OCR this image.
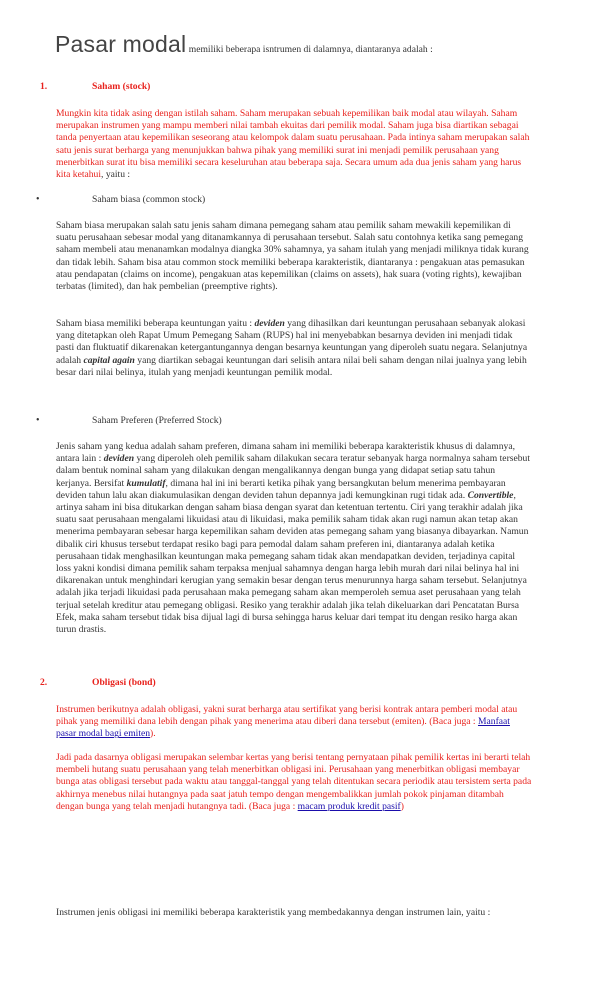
Pasar modal memiliki beberapa isntrumen di dalamnya, diantaranya adalah :
1.	Saham (stock)

Mungkin kita tidak asing dengan istilah saham. Saham merupakan sebuah kepemilikan baik modal atau wilayah. Saham merupakan instrumen yang mampu memberi nilai tambah ekuitas dari pemilik modal. Saham juga bisa diartikan sebagai tanda penyertaan atau kepemilikan seseorang atau kelompok dalam suatu perusahaan. Pada intinya saham merupakan salah satu jenis surat berharga yang menunjukkan bahwa pihak yang memiliki surat ini menjadi pemilik perusahaan yang menerbitkan surat itu bisa memiliki secara keseluruhan atau beberapa saja. Secara umum ada dua jenis saham yang harus kita ketahui, yaitu :

•	Saham biasa (common stock)

Saham biasa merupakan salah satu jenis saham dimana pemegang saham atau pemilik saham mewakili kepemilikan di suatu perusahaan sebesar modal yang ditanamkannya di perusahaan tersebut. Salah satu contohnya ketika sang pemegang saham membeli atau menanamkan modalnya diangka 30% sahamnya, ya saham itulah yang menjadi miliknya tidak kurang dan tidak lebih. Saham bisa atau common stock memiliki beberapa karakteristik, diantaranya : pengakuan atas pemasukan atau pendapatan (claims on income), pengakuan atas kepemilikan (claims on assets), hak suara (voting rights), kewajiban terbatas (limited), dan hak pembelian (preemptive rights).

Saham biasa memiliki beberapa keuntungan yaitu : deviden yang dihasilkan dari keuntungan perusahaan sebanyak alokasi yang ditetapkan oleh Rapat Umum Pemegang Saham (RUPS) hal ini menyebabkan besarnya deviden ini menjadi tidak pasti dan fluktuatif dikarenakan ketergantungannya dengan besarnya keuntungan yang diperoleh suatu negara. Selanjutnya adalah capital again yang diartikan sebagai keuntungan dari selisih antara nilai beli saham dengan nilai jualnya yang lebih besar dari nilai belinya, itulah yang menjadi keuntungan pemilik modal.

•	Saham Preferen (Preferred Stock)

Jenis saham yang kedua adalah saham preferen, dimana saham ini memiliki beberapa karakteristik khusus di dalamnya, antara lain : deviden yang diperoleh oleh pemilik saham dilakukan secara teratur sebanyak harga normalnya saham tersebut dalam bentuk nominal saham yang dilakukan dengan mengalikannya dengan bunga yang didapat setiap satu tahun kerjanya. Bersifat kumulatif, dimana hal ini ini berarti ketika pihak yang bersangkutan belum menerima pembayaran deviden tahun lalu akan diakumulasikan dengan deviden tahun depannya jadi kemungkinan rugi tidak ada. Convertible, artinya saham ini bisa ditukarkan dengan saham biasa dengan syarat dan ketentuan tertentu. Ciri yang terakhir adalah jika suatu saat perusahaan mengalami likuidasi atau di likuidasi, maka pemilik saham tidak akan rugi namun akan tetap akan menerima pembayaran sebesar harga kepemilikan saham deviden atas pemegang saham yang biasanya dibayarkan. Namun dibalik ciri khusus tersebut terdapat resiko bagi para pemodal dalam saham preferen ini, diantaranya adalah ketika perusahaan tidak menghasilkan keuntungan maka pemegang saham tidak akan mendapatkan deviden, terjadinya capital loss yakni kondisi dimana pemilik saham terpaksa menjual sahamnya dengan harga lebih murah dari nilai belinya hal ini dikarenakan untuk menghindari kerugian yang semakin besar dengan terus menurunnya harga saham tersebut. Selanjutnya adalah jika terjadi likuidasi pada perusahaan maka pemegang saham akan memperoleh semua aset perusahaan yang telah terjual setelah kreditur atau pemegang obligasi. Resiko yang terakhir adalah jika telah dikeluarkan dari Pencatatan Bursa Efek, maka saham tersebut tidak bisa dijual lagi di bursa sehingga harus keluar dari tempat itu dengan resiko harga akan turun drastis.

2.	Obligasi (bond)

Instrumen berikutnya adalah obligasi, yakni surat berharga atau sertifikat yang berisi kontrak antara pemberi modal atau pihak yang memiliki dana lebih dengan pihak yang menerima atau diberi dana tersebut (emiten). (Baca juga : Manfaat pasar modal bagi emiten).

Jadi pada dasarnya obligasi merupakan selembar kertas yang berisi tentang pernyataan pihak pemilik kertas ini berarti telah membeli hutang suatu perusahaan yang telah menerbitkan obligasi ini. Perusahaan yang menerbitkan obligasi membayar bunga atas obligasi tersebut pada waktu atau tanggal-tanggal yang telah ditentukan secara periodik atau tersistem serta pada akhirnya menebus nilai hutangnya pada saat jatuh tempo dengan mengembalikkan jumlah pokok pinjaman ditambah dengan bunga yang telah menjadi hutangnya tadi. (Baca juga : macam produk kredit pasif)

Instrumen jenis obligasi ini memiliki beberapa karakteristik yang membedakannya dengan instrumen lain, yaitu :
